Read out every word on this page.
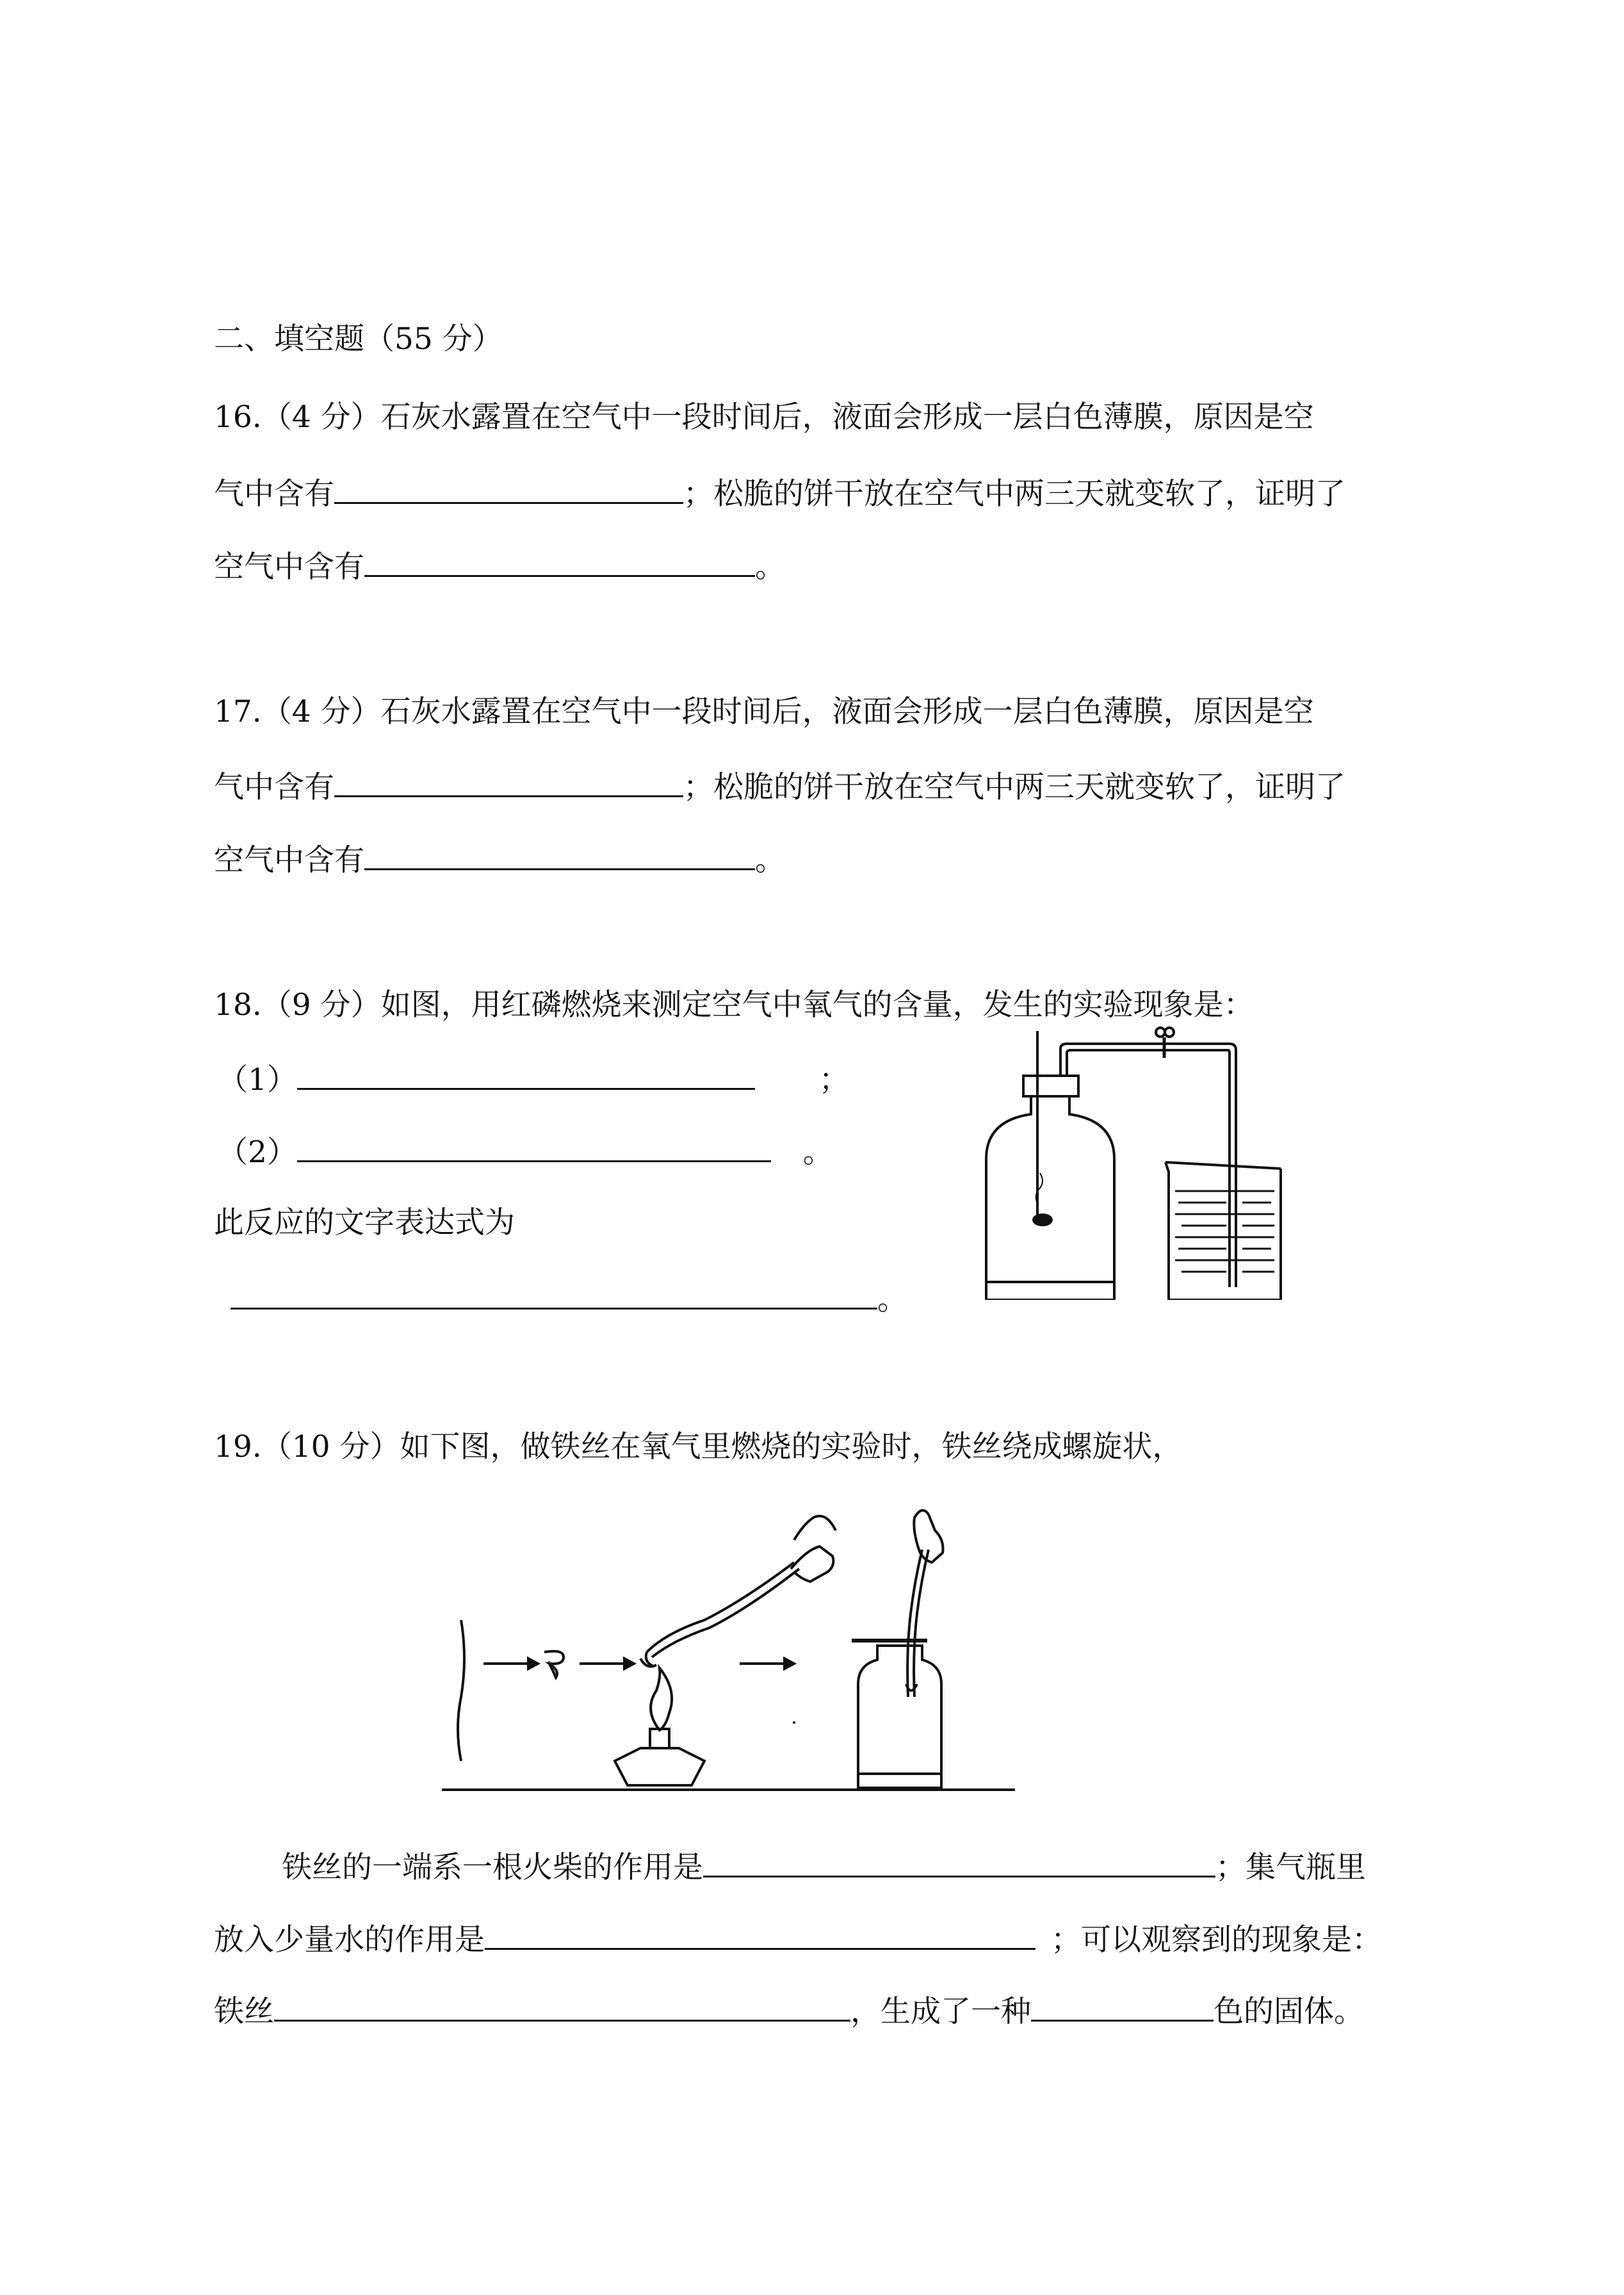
二、填空题（55 分）
16.（4 分）石灰水露置在空气中一段时间后，液面会形成一层白色薄膜，原因是空
气中含有	；松脆的饼干放在空气中两三天就变软了，证明了
空气中含有	。
17.（4 分）石灰水露置在空气中一段时间后，液面会形成一层白色薄膜，原因是空
气中含有	；松脆的饼干放在空气中两三天就变软了，证明了
空气中含有	。
18.（9 分）如图，用红磷燃烧来测定空气中氧气的含量，发生的实验现象是：
（1）	；
（2）	。
此反应的文字表达式为
。
19.（10 分）如下图，做铁丝在氧气里燃烧的实验时，铁丝绕成螺旋状，
铁丝的一端系一根火柴的作用是	；集气瓶里
放入少量水的作用是	；可以观察到的现象是：
铁丝	，生成了一种	色的固体。
